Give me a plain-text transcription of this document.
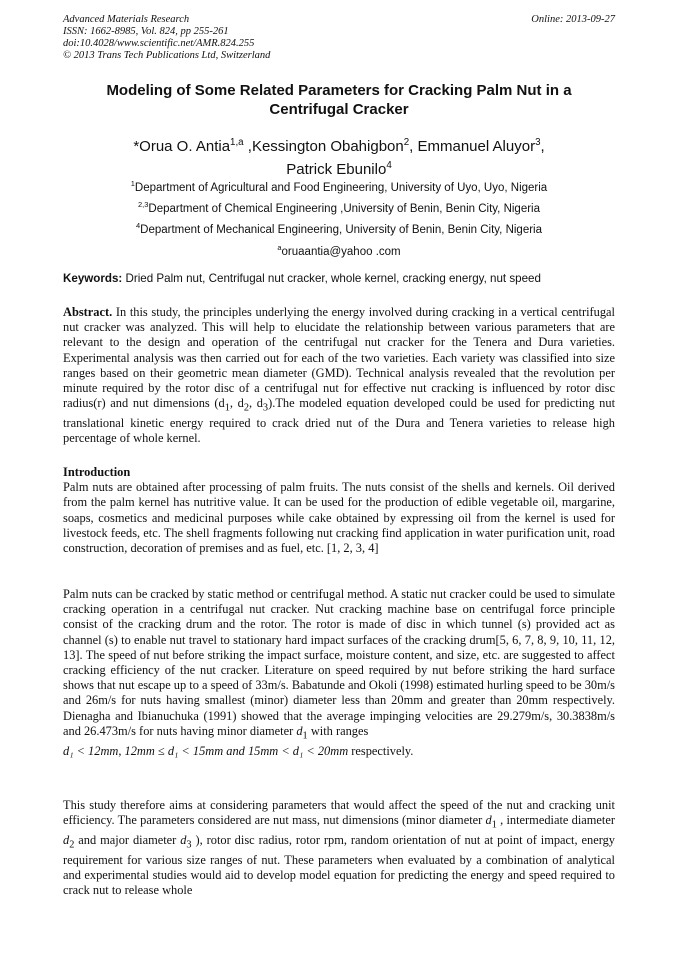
Advanced Materials Research
ISSN: 1662-8985, Vol. 824, pp 255-261
doi:10.4028/www.scientific.net/AMR.824.255
© 2013 Trans Tech Publications Ltd, Switzerland
Online: 2013-09-27
Modeling of Some Related Parameters for Cracking Palm Nut in a Centrifugal Cracker
*Orua O. Antia$^{1,a}$ ,Kessington Obahigbon$^2$, Emmanuel Aluyor$^3$,
Patrick Ebunilo$^4$
$^1$Department of Agricultural and Food Engineering, University of Uyo, Uyo, Nigeria
$^{2,3}$Department of Chemical Engineering ,University of Benin, Benin City, Nigeria
$^4$Department of Mechanical Engineering, University of Benin, Benin City, Nigeria
$^a$oruaantia@yahoo .com
Keywords: Dried Palm nut, Centrifugal nut cracker, whole kernel, cracking energy, nut speed
Abstract. In this study, the principles underlying the energy involved during cracking in a vertical centrifugal nut cracker was analyzed. This will help to elucidate the relationship between various parameters that are relevant to the design and operation of the centrifugal nut cracker for the Tenera and Dura varieties. Experimental analysis was then carried out for each of the two varieties. Each variety was classified into size ranges based on their geometric mean diameter (GMD). Technical analysis revealed that the revolution per minute required by the rotor disc of a centrifugal nut for effective nut cracking is influenced by rotor disc radius(r) and nut dimensions ($d_1$, $d_2$, $d_3).The$ modeled equation developed could be used for predicting nut translational kinetic energy required to crack dried nut of the Dura and Tenera varieties to release high percentage of whole kernel.
Introduction
Palm nuts are obtained after processing of palm fruits. The nuts consist of the shells and kernels. Oil derived from the palm kernel has nutritive value. It can be used for the production of edible vegetable oil, margarine, soaps, cosmetics and medicinal purposes while cake obtained by expressing oil from the kernel is used for livestock feeds, etc. The shell fragments following nut cracking find application in water purification unit, road construction, decoration of premises and as fuel, etc. [1, 2, 3, 4]
Palm nuts can be cracked by static method or centrifugal method. A static nut cracker could be used to simulate cracking operation in a centrifugal nut cracker. Nut cracking machine base on centrifugal force principle consist of the cracking drum and the rotor. The rotor is made of disc in which tunnel (s) provided act as channel (s) to enable nut travel to stationary hard impact surfaces of the cracking drum[5, 6, 7, 8, 9, 10, 11, 12, 13]. The speed of nut before striking the impact surface, moisture content, and size, etc. are suggested to affect cracking efficiency of the nut cracker. Literature on speed required by nut before striking the hard surface shows that nut escape up to a speed of 33m/s. Babatunde and Okoli (1998) estimated hurling speed to be 30m/s and 26m/s for nuts having smallest (minor) diameter less than 20mm and greater than 20mm respectively. Dienagha and Ibianuchuka (1991) showed that the average impinging velocities are 29.279m/s, 30.3838m/s and 26.473m/s for nuts having minor diameter $d_1$ with ranges
d₁ < 12mm, 12mm ≤ d₁ < 15mm and 15mm < d₁ < 20mm respectively.
This study therefore aims at considering parameters that would affect the speed of the nut and cracking unit efficiency. The parameters considered are nut mass, nut dimensions (minor diameter $d_1$ , intermediate diameter $d_2$ and major diameter $d_3$ ), rotor disc radius, rotor rpm, random orientation of nut at point of impact, energy requirement for various size ranges of nut. These parameters when evaluated by a combination of analytical and experimental studies would aid to develop model equation for predicting the energy and speed required to crack nut to release whole
